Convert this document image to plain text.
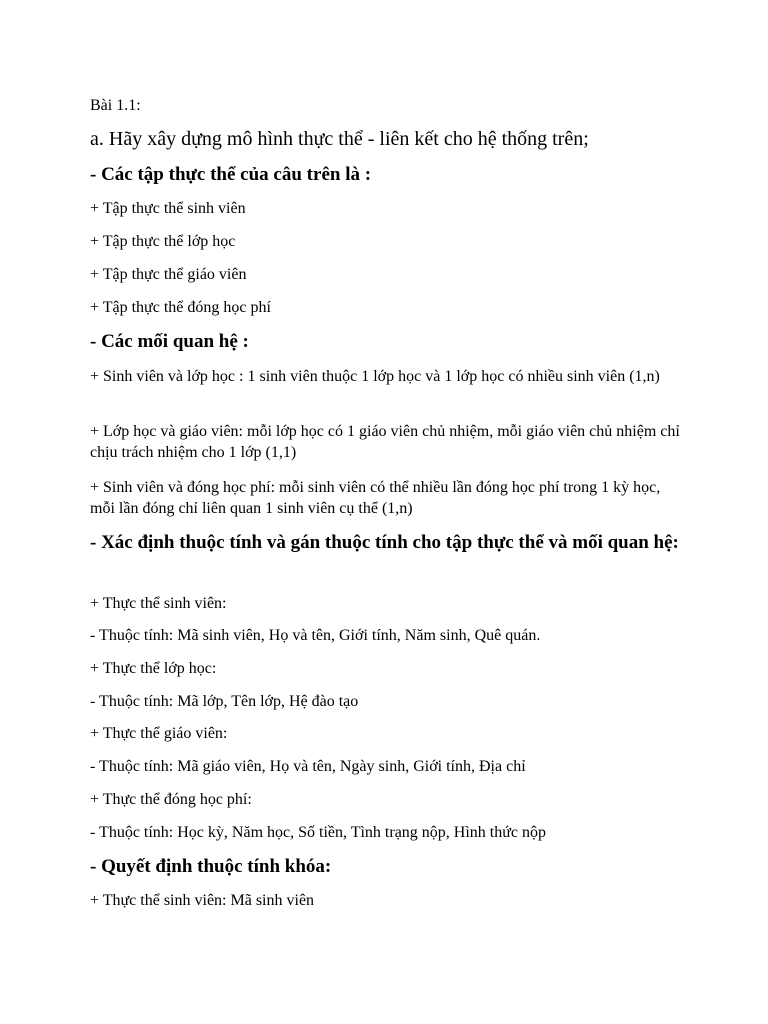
Bài 1.1:

a. Hãy xây dựng mô hình thực thể - liên kết cho hệ thống trên;

- Các tập thực thể của câu trên là :

+ Tập thực thể sinh viên

+ Tập thực thể lớp học

+ Tập thực thể giáo viên

+ Tập thực thể đóng học phí

- Các mối quan hệ :

+ Sinh viên và lớp học : 1 sinh viên thuộc 1 lớp học và 1 lớp học có nhiều sinh viên (1,n)

+ Lớp học và giáo viên: mỗi lớp học có 1 giáo viên chủ nhiệm, mỗi giáo viên chủ nhiệm chỉ chịu trách nhiệm cho 1 lớp (1,1)

+ Sinh viên và đóng học phí: mỗi sinh viên có thể nhiều lần đóng học phí trong 1 kỳ học, mỗi lần đóng chỉ liên quan 1 sinh viên cụ thể (1,n)

- Xác định thuộc tính và gán thuộc tính cho tập thực thể và mối quan hệ:

+ Thực thể sinh viên:

- Thuộc tính: Mã sinh viên, Họ và tên, Giới tính, Năm sinh, Quê quán.

+ Thực thể lớp học:

- Thuộc tính: Mã lớp, Tên lớp, Hệ đào tạo

+ Thực thể giáo viên:

- Thuộc tính: Mã giáo viên, Họ và tên, Ngày sinh, Giới tính, Địa chỉ

+ Thực thể đóng học phí:

- Thuộc tính: Học kỳ, Năm học, Số tiền, Tình trạng nộp, Hình thức nộp

- Quyết định thuộc tính khóa:

+ Thực thể sinh viên: Mã sinh viên
